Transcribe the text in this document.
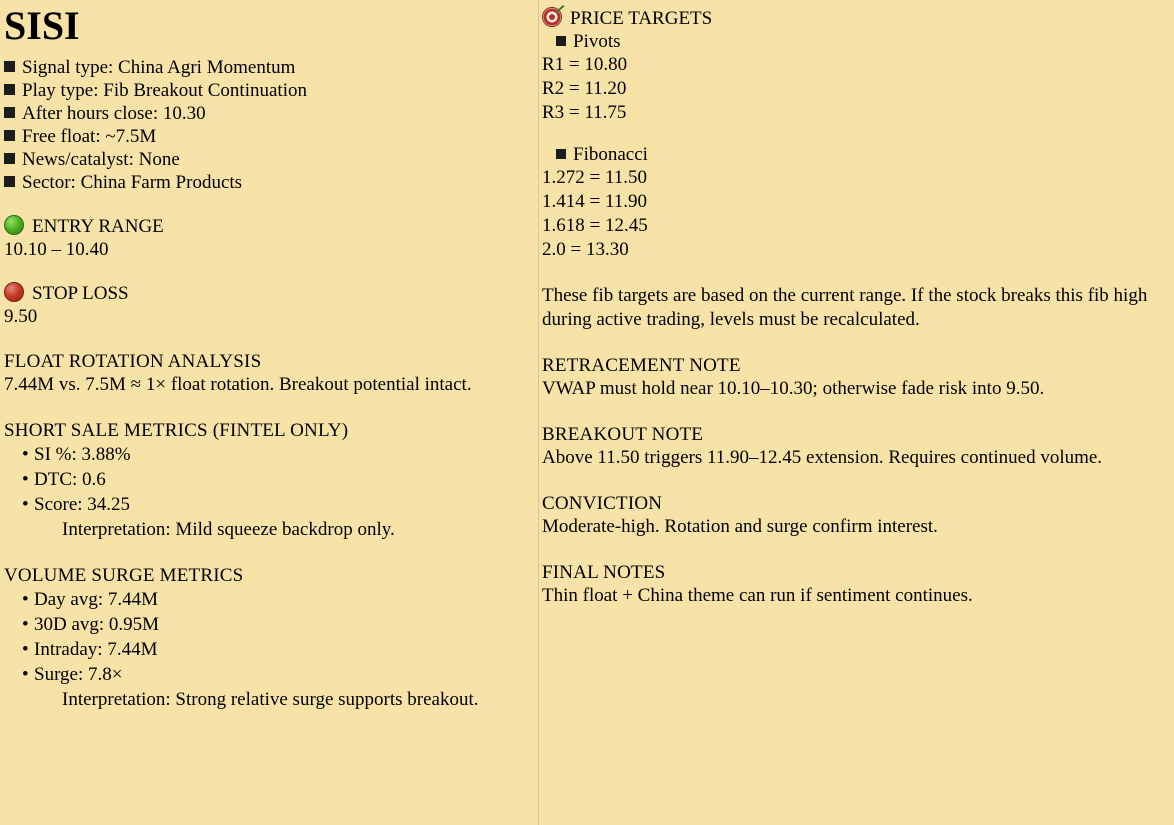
SISI
Signal type: China Agri Momentum
Play type: Fib Breakout Continuation
After hours close: 10.30
Free float: ~7.5M
News/catalyst: None
Sector: China Farm Products
ENTRY RANGE
10.10 – 10.40
STOP LOSS
9.50
FLOAT ROTATION ANALYSIS
7.44M vs. 7.5M ≈ 1× float rotation. Breakout potential intact.
SHORT SALE METRICS (FINTEL ONLY)
• SI %: 3.88%
• DTC: 0.6
• Score: 34.25
Interpretation: Mild squeeze backdrop only.
VOLUME SURGE METRICS
• Day avg: 7.44M
• 30D avg: 0.95M
• Intraday: 7.44M
• Surge: 7.8×
Interpretation: Strong relative surge supports breakout.
PRICE TARGETS
Pivots
R1 = 10.80
R2 = 11.20
R3 = 11.75
Fibonacci
1.272 = 11.50
1.414 = 11.90
1.618 = 12.45
2.0 = 13.30
These fib targets are based on the current range. If the stock breaks this fib high during active trading, levels must be recalculated.
RETRACEMENT NOTE
VWAP must hold near 10.10–10.30; otherwise fade risk into 9.50.
BREAKOUT NOTE
Above 11.50 triggers 11.90–12.45 extension. Requires continued volume.
CONVICTION
Moderate-high. Rotation and surge confirm interest.
FINAL NOTES
Thin float + China theme can run if sentiment continues.
